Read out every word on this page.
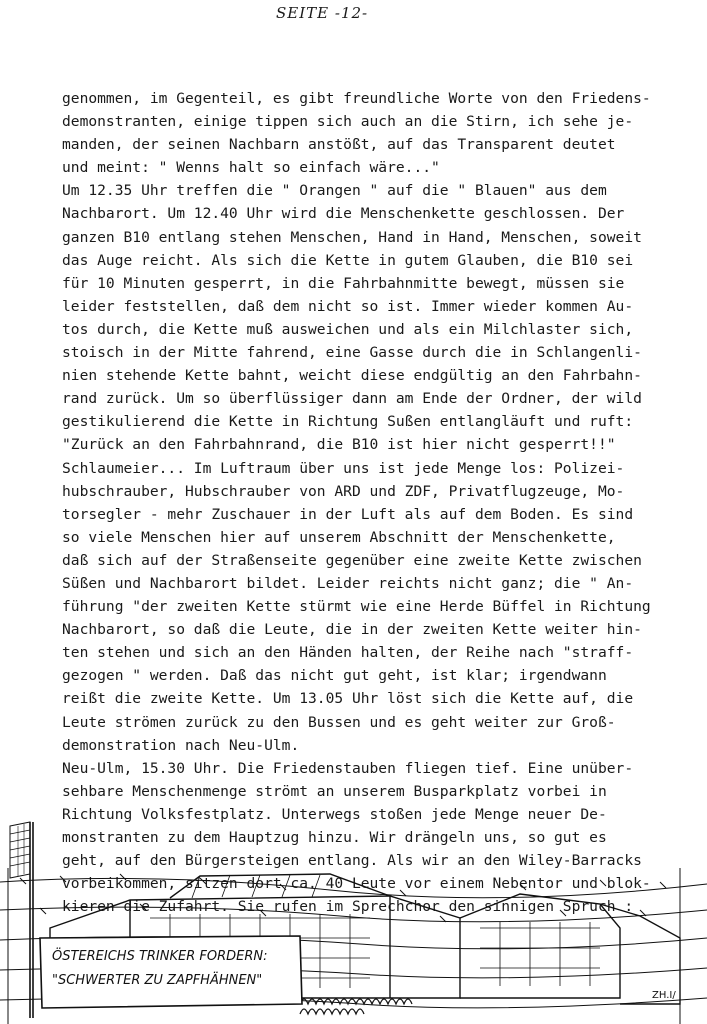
SEITE -12-
genommen, im Gegenteil, es gibt freundliche Worte von den Friedens-
demonstranten, einige tippen sich auch an die Stirn, ich sehe je-
manden, der seinen Nachbarn anstößt, auf das Transparent deutet
und meint: " Wenns halt so einfach wäre..."
Um 12.35 Uhr treffen die " Orangen " auf die " Blauen" aus dem
Nachbarort. Um 12.40 Uhr wird die Menschenkette geschlossen. Der
ganzen B10 entlang stehen Menschen, Hand in Hand, Menschen, soweit
das Auge reicht. Als sich die Kette in gutem Glauben, die B10 sei
für 10 Minuten gesperrt, in die Fahrbahnmitte bewegt, müssen sie
leider feststellen, daß dem nicht so ist. Immer wieder kommen Au-
tos durch, die Kette muß ausweichen und als ein Milchlaster sich,
stoisch in der Mitte fahrend, eine Gasse durch die in Schlangenli-
nien stehende Kette bahnt, weicht diese endgültig an den Fahrbahn-
rand zurück. Um so überflüssiger dann am Ende der Ordner, der wild
gestikulierend die Kette in Richtung Sußen entlangläuft und ruft:
"Zurück an den Fahrbahnrand, die B10 ist hier nicht gesperrt!!"
Schlaumeier... Im Luftraum über uns ist jede Menge los: Polizei-
hubschrauber, Hubschrauber von ARD und ZDF, Privatflugzeuge, Mo-
torsegler - mehr Zuschauer in der Luft als auf dem Boden. Es sind
so viele Menschen hier auf unserem Abschnitt der Menschenkette,
daß sich auf der Straßenseite gegenüber eine zweite Kette zwischen
Süßen und Nachbarort bildet. Leider reichts nicht ganz; die " An-
führung "der zweiten Kette stürmt wie eine Herde Büffel in Richtung
Nachbarort, so daß die Leute, die in der zweiten Kette weiter hin-
ten stehen und sich an den Händen halten, der Reihe nach "straff-
gezogen " werden. Daß das nicht gut geht, ist klar; irgendwann
reißt die zweite Kette. Um 13.05 Uhr löst sich die Kette auf, die
Leute strömen zurück zu den Bussen und es geht weiter zur Groß-
demonstration nach Neu-Ulm.
Neu-Ulm, 15.30 Uhr. Die Friedenstauben fliegen tief. Eine unüber-
sehbare Menschenmenge strömt an unserem Busparkplatz vorbei in
Richtung Volksfestplatz. Unterwegs stoßen jede Menge neuer De-
monstranten zu dem Hauptzug hinzu. Wir drängeln uns, so gut es
geht, auf den Bürgersteigen entlang. Als wir an den Wiley-Barracks
vorbeikommen, sitzen dort ca. 40 Leute vor einem Nebentor und blok-
kieren die Zufahrt. Sie rufen im Sprechchor den sinnigen Spruch :
ÖSTEREICHS TRINKER FORDERN:
"SCHWERTER ZU ZAPFHÄHNEN"
ZH.I/
